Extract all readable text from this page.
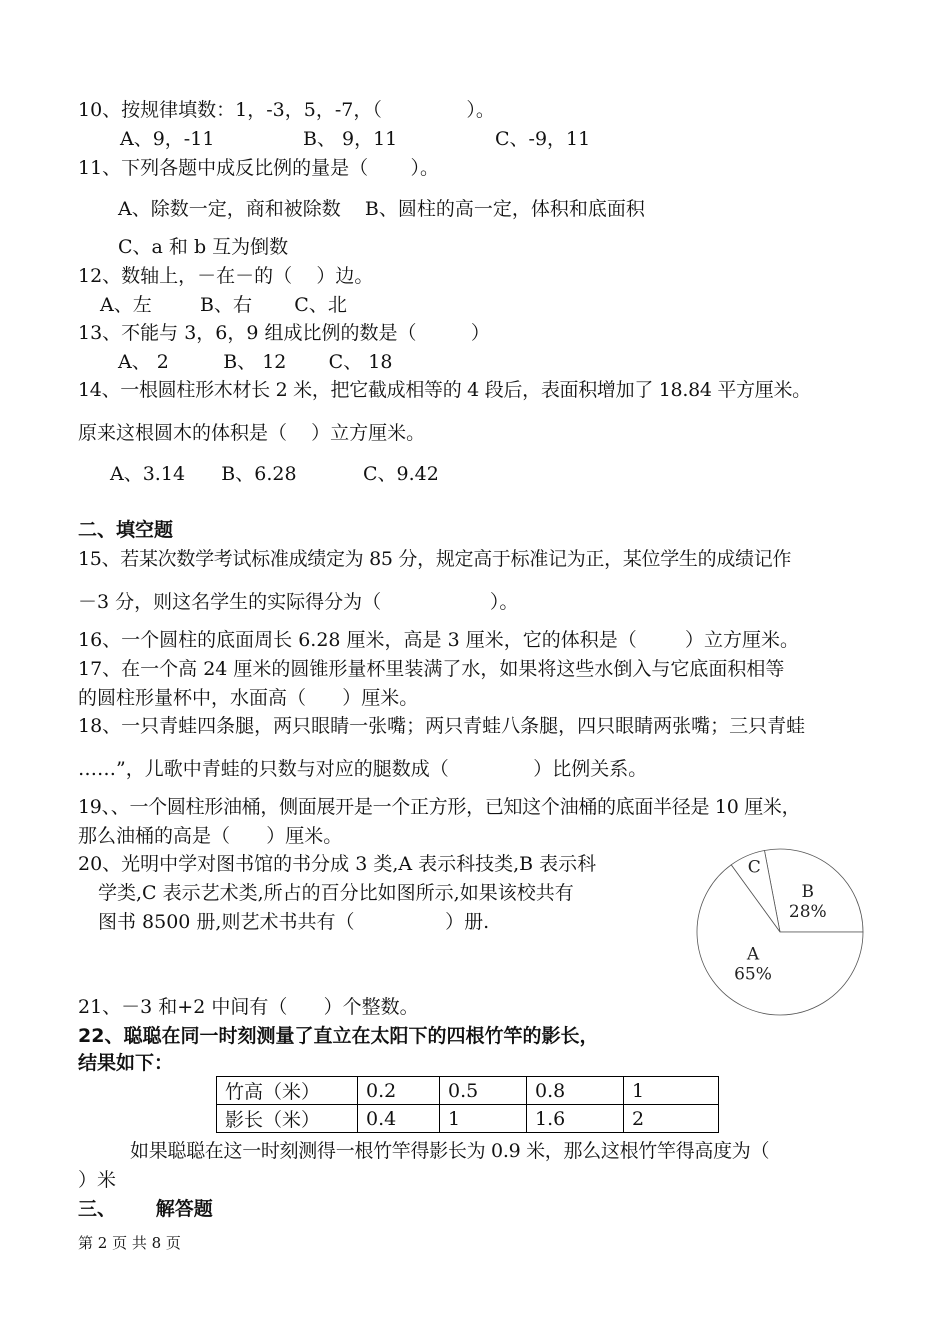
10、按规律填数：1，-3，5，-7，（              ）。
A、9，-11	B、 9，11	C、-9，11
11、下列各题中成反比例的量是（       ）。
A、除数一定，商和被除数    B、圆柱的高一定，体积和底面积
C、a 和 b 互为倒数
12、数轴上，－在－的（    ）边。
A、左        B、右       C、北
13、不能与 3，6，9 组成比例的数是（         ）
A、 2         B、 12       C、 18
14、一根圆柱形木材长 2 米，把它截成相等的 4 段后，表面积增加了 18.84 平方厘米。
原来这根圆木的体积是（    ）立方厘米。
A、3.14      B、6.28           C、9.42
二、填空题
15、若某次数学考试标准成绩定为 85 分，规定高于标准记为正，某位学生的成绩记作
－3 分，则这名学生的实际得分为（                  ）。
16、一个圆柱的底面周长 6.28 厘米，高是 3 厘米，它的体积是（        ）立方厘米。
17、在一个高 24 厘米的圆锥形量杯里装满了水，如果将这些水倒入与它底面积相等
的圆柱形量杯中，水面高（      ）厘米。
18、一只青蛙四条腿，两只眼睛一张嘴；两只青蛙八条腿，四只眼睛两张嘴；三只青蛙
……”，儿歌中青蛙的只数与对应的腿数成（              ）比例关系。
19、、一个圆柱形油桶，侧面展开是一个正方形，已知这个油桶的底面半径是 10 厘米，
那么油桶的高是（      ）厘米。
20、光明中学对图书馆的书分成 3 类,A 表示科技类,B 表示科
学类,C 表示艺术类,所占的百分比如图所示,如果该校共有
图书 8500 册,则艺术书共有（               ）册.
B
28%
C
A
65%
21、－3 和+2 中间有（      ）个整数。
22、聪聪在同一时刻测量了直立在太阳下的四根竹竿的影长，
结果如下：
竹高（米）	0.2	0.5	0.8	1
影长（米）	0.4	1	1.6	2
如果聪聪在这一时刻测得一根竹竿得影长为 0.9 米，那么这根竹竿得高度为（
）米
三、      解答题
第 2 页 共 8 页
